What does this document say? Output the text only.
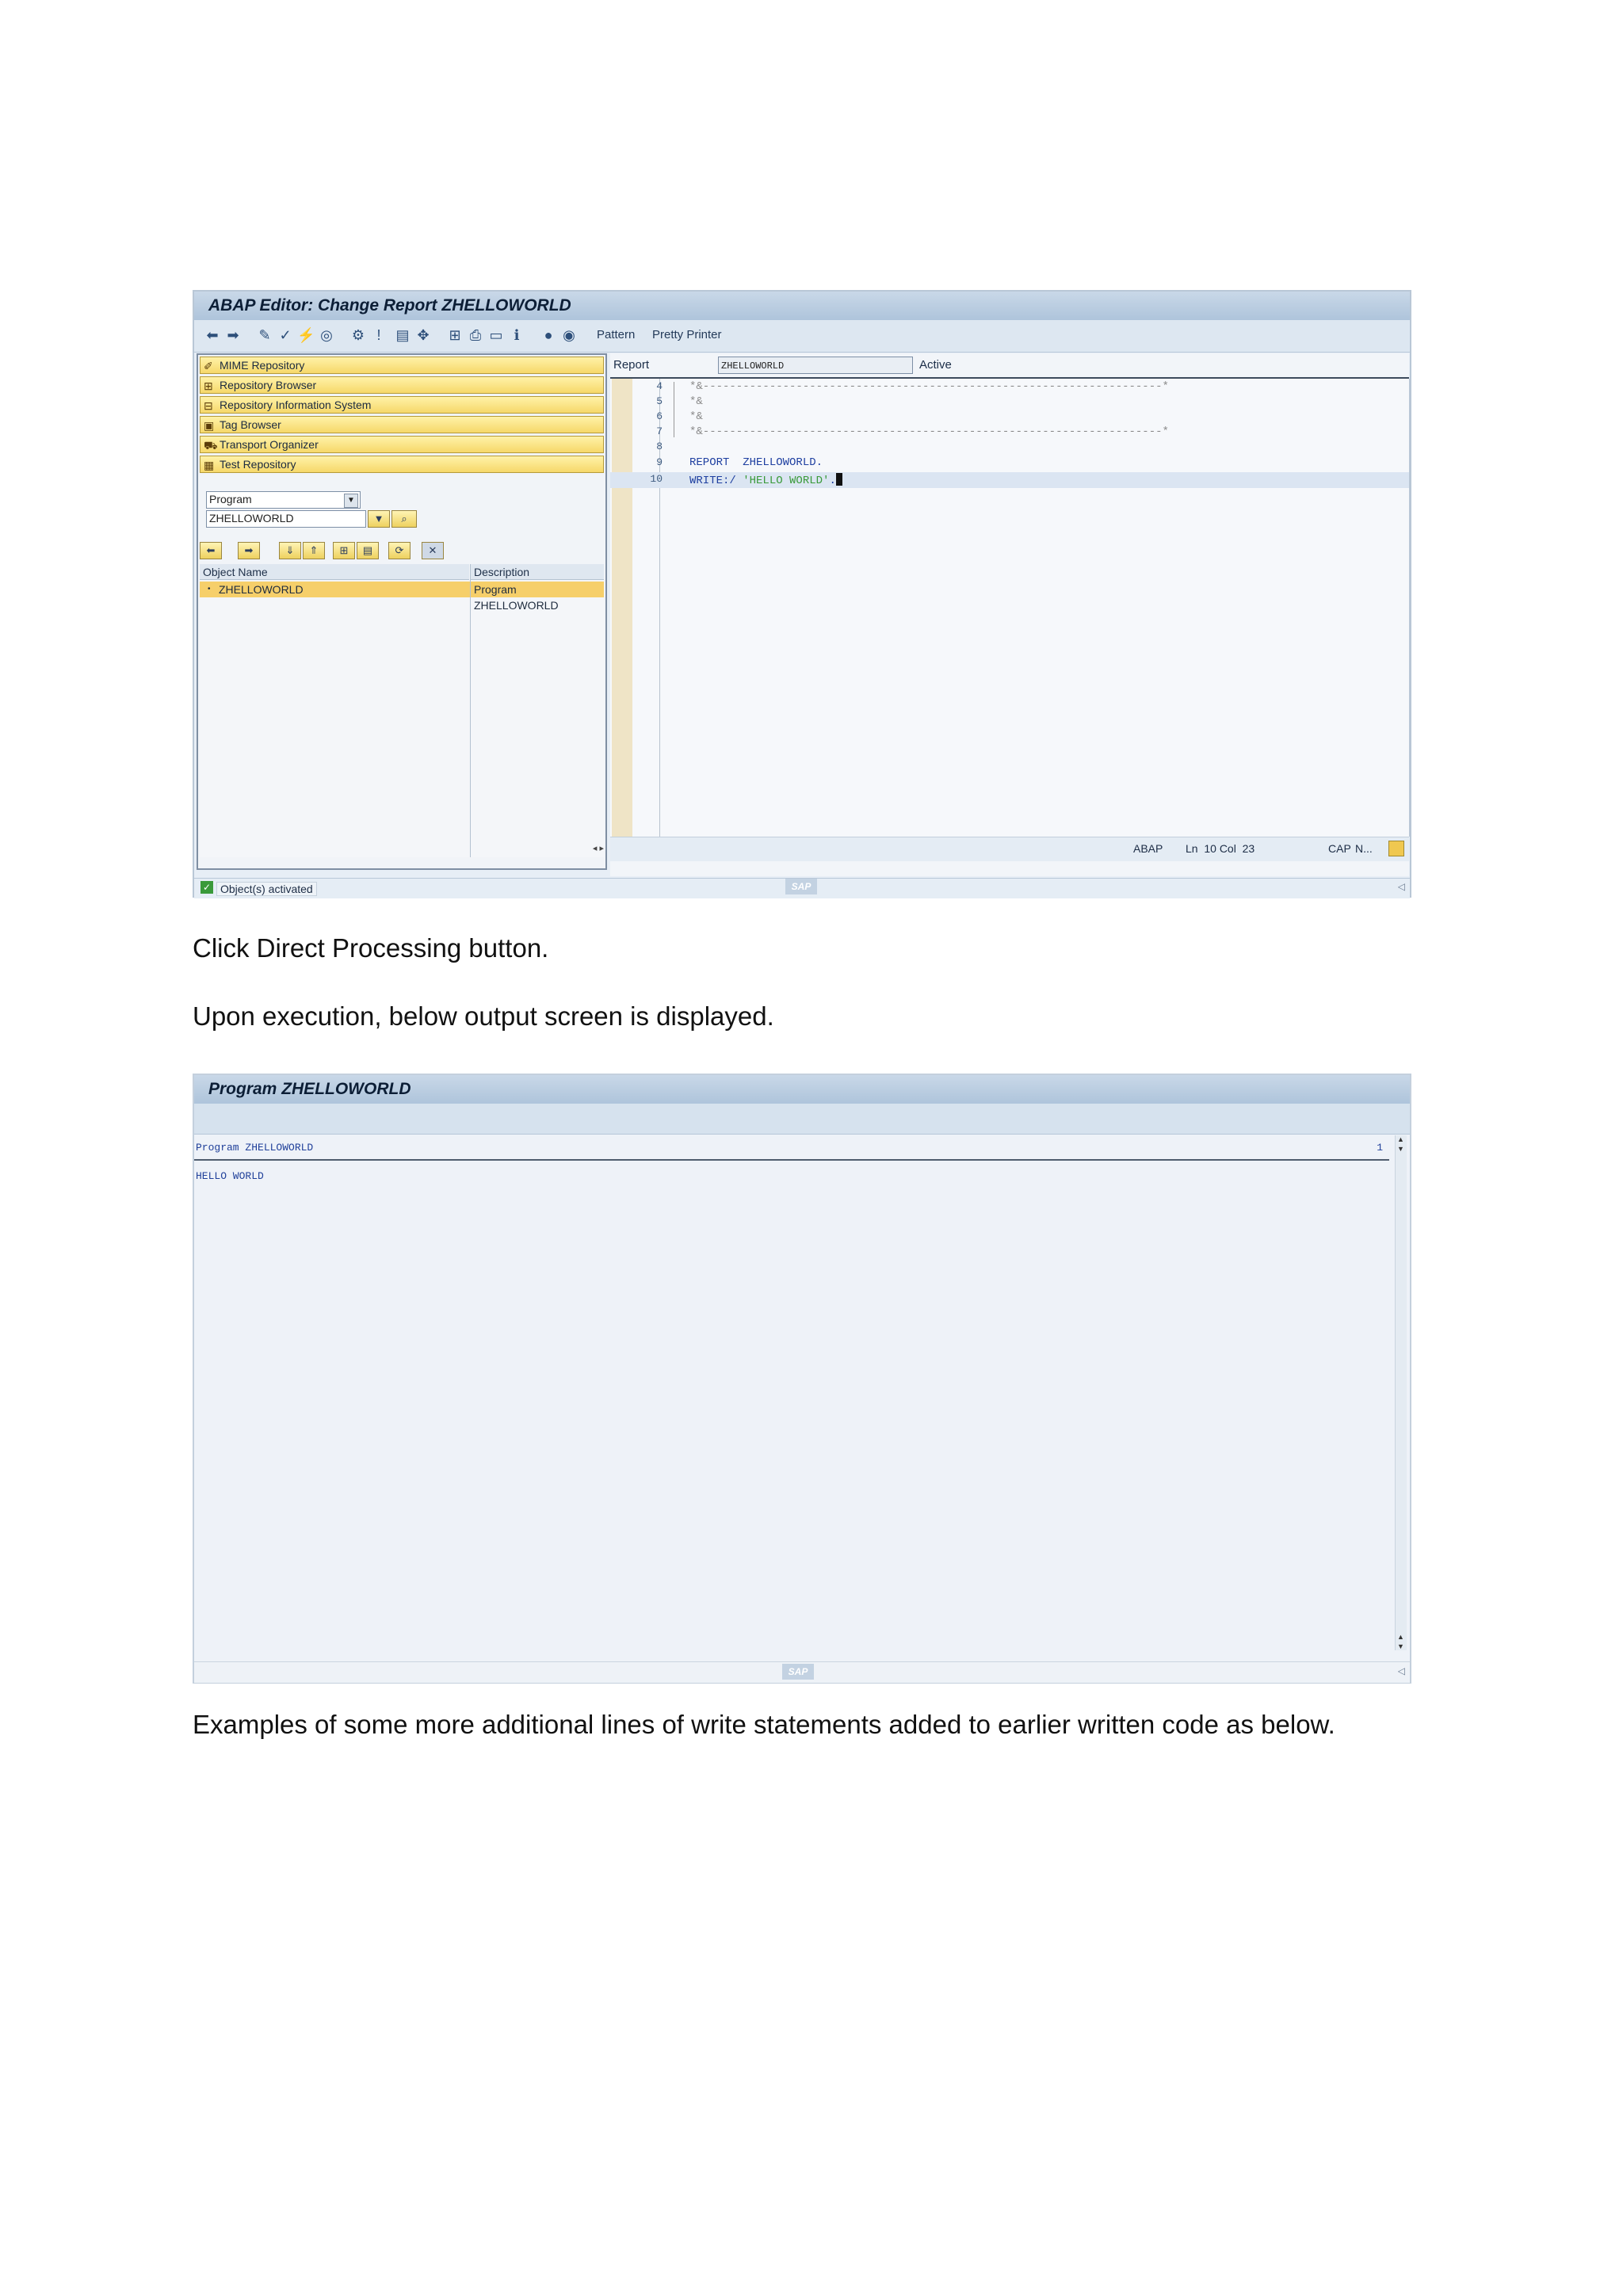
ABAP Editor: Change Report ZHELLOWORLD
⬅ ➡ ✎ ✓ ⚡ ◎ ⚙ !	▤ ✥ ⊞ ⎙ ▭ ℹ	● ◉ Pattern Pretty Printer
✐ MIME Repository
⊞ Repository Browser
⊟ Repository Information System
▣ Tag Browser
⛟ Transport Organizer
▦ Test Repository
Program	▼
ZHELLOWORLD	▼	⌕
⬅	➡	⇓	⇑	⊞	▤	⟳	✕
Object Name	Description
• ZHELLOWORLD	Program ZHELLOWORLD
◂ ▸
Report	ZHELLOWORLD	Active
4 *&---------------------------------------------------------------------*
5 *&
6 *&
7 *&---------------------------------------------------------------------*
8
9 REPORT  ZHELLOWORLD.
10 WRITE:/ 'HELLO WORLD'.
ABAP Ln  10 Col  23	CAP N...
✓ Object(s) activated	SAP	◁
Click Direct Processing button.
Upon execution, below output screen is displayed.
Program ZHELLOWORLD
Program ZHELLOWORLD	1
HELLO WORLD
▲
▼
▲
▼
SAP	◁
Examples of some more additional lines of write statements added to earlier written code as below.
